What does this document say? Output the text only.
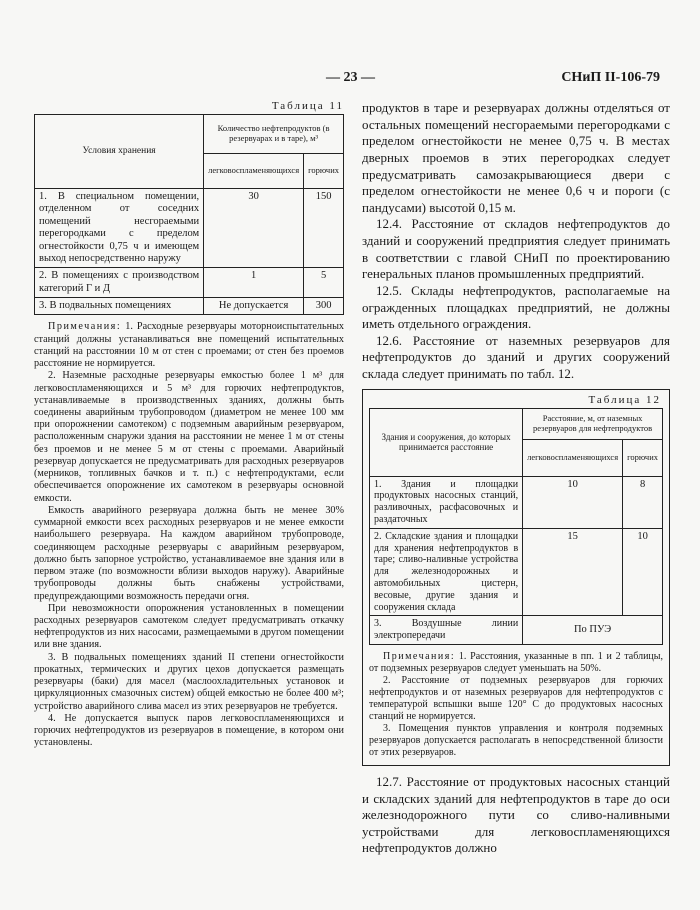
— 23 —	СНиП II-106-79
Таблица 11
Условия хранения	Количество нефтепродуктов (в резервуарах и в таре), м³	
	легковоспламеняющихся	горючих
1. В специальном помещении, отделенном от соседних помещений несгораемыми перегородками с пределом огнестойкости 0,75 ч и имеющем выход непосредственно наружу	30	150
2. В помещениях с производством категорий Г и Д	1	5
3. В подвальных помещениях	Не допускается	300

Примечания: 1. Расходные резервуары моторноиспытательных станций должны устанавливаться вне помещений испытательных станций на расстоянии 10 м от стен с проемами; от стен без проемов расстояние не нормируется.

2. Наземные расходные резервуары емкостью более 1 м³ для легковоспламеняющихся и 5 м³ для горючих нефтепродуктов, устанавливаемые в производственных зданиях, должны быть соединены аварийным трубопроводом (диаметром не менее 100 мм при опорожнении самотеком) с подземным аварийным резервуаром, расположенным снаружи здания на расстоянии не менее 1 м от стены без проемов и не менее 5 м от стены с проемами. Аварийный резервуар допускается не предусматривать для расходных резервуаров (мерников, топливных бачков и т. п.) с нефтепродуктами, если обеспечивается опорожнение их самотеком в резервуары основной емкости.

Емкость аварийного резервуара должна быть не менее 30% суммарной емкости всех расходных резервуаров и не менее емкости наибольшего резервуара. На каждом аварийном трубопроводе, соединяющем расходные резервуары с аварийным резервуаром, должно быть запорное устройство, устанавливаемое вне здания или в первом этаже (по возможности вблизи выходов наружу). Аварийные трубопроводы должны быть снабжены устройствами, предупреждающими возможность передачи огня.

При невозможности опорожнения установленных в помещении расходных резервуаров самотеком следует предусматривать откачку нефтепродуктов из них насосами, размещаемыми в другом помещении или вне здания.

3. В подвальных помещениях зданий II степени огнестойкости прокатных, термических и других цехов допускается размещать резервуары (баки) для масел (маслоохладительных установок и циркуляционных смазочных систем) общей емкостью не более 400 м³; устройство аварийного слива масел из этих резервуаров не требуется.

4. Не допускается выпуск паров легковоспламеняющихся и горючих нефтепродуктов из резервуаров в помещение, в котором они установлены.

продуктов в таре и резервуарах должны отделяться от остальных помещений несгораемыми перегородками с пределом огнестойкости не менее 0,75 ч. В местах дверных проемов в этих перегородках следует предусматривать самозакрывающиеся двери с пределом огнестойкости не менее 0,6 ч и пороги (с пандусами) высотой 0,15 м.

12.4. Расстояние от складов нефтепродуктов до зданий и сооружений предприятия следует принимать в соответствии с главой СНиП по проектированию генеральных планов промышленных предприятий.

12.5. Склады нефтепродуктов, располагаемые на огражденных площадках предприятий, не должны иметь отдельного ограждения.

12.6. Расстояние от наземных резервуаров для нефтепродуктов до зданий и других сооружений склада следует принимать по табл. 12.

Таблица 12
Здания и сооружения, до которых принимается расстояние	Расстояние, м, от наземных резервуаров для нефтепродуктов	
	легковоспламеняющихся	горючих
1. Здания и площадки продуктовых насосных станций, разливочных, расфасовочных и раздаточных	10	8
2. Складские здания и площадки для хранения нефтепродуктов в таре; сливо-наливные устройства для железнодорожных и автомобильных цистерн, весовые, другие здания и сооружения склада	15	10
3. Воздушные линии электропередачи	По ПУЭ	

Примечания: 1. Расстояния, указанные в пп. 1 и 2 таблицы, от подземных резервуаров следует уменьшать на 50%.

2. Расстояние от подземных резервуаров для горючих нефтепродуктов и от наземных резервуаров для нефтепродуктов с температурой вспышки выше 120° С до продуктовых насосных станций не нормируется.

3. Помещения пунктов управления и контроля подземных резервуаров допускается располагать в непосредственной близости от этих резервуаров.

12.7. Расстояние от продуктовых насосных станций и складских зданий для нефтепродуктов в таре до оси железнодорожного пути со сливо-наливными устройствами для легковоспламеняющихся нефтепродуктов должно
